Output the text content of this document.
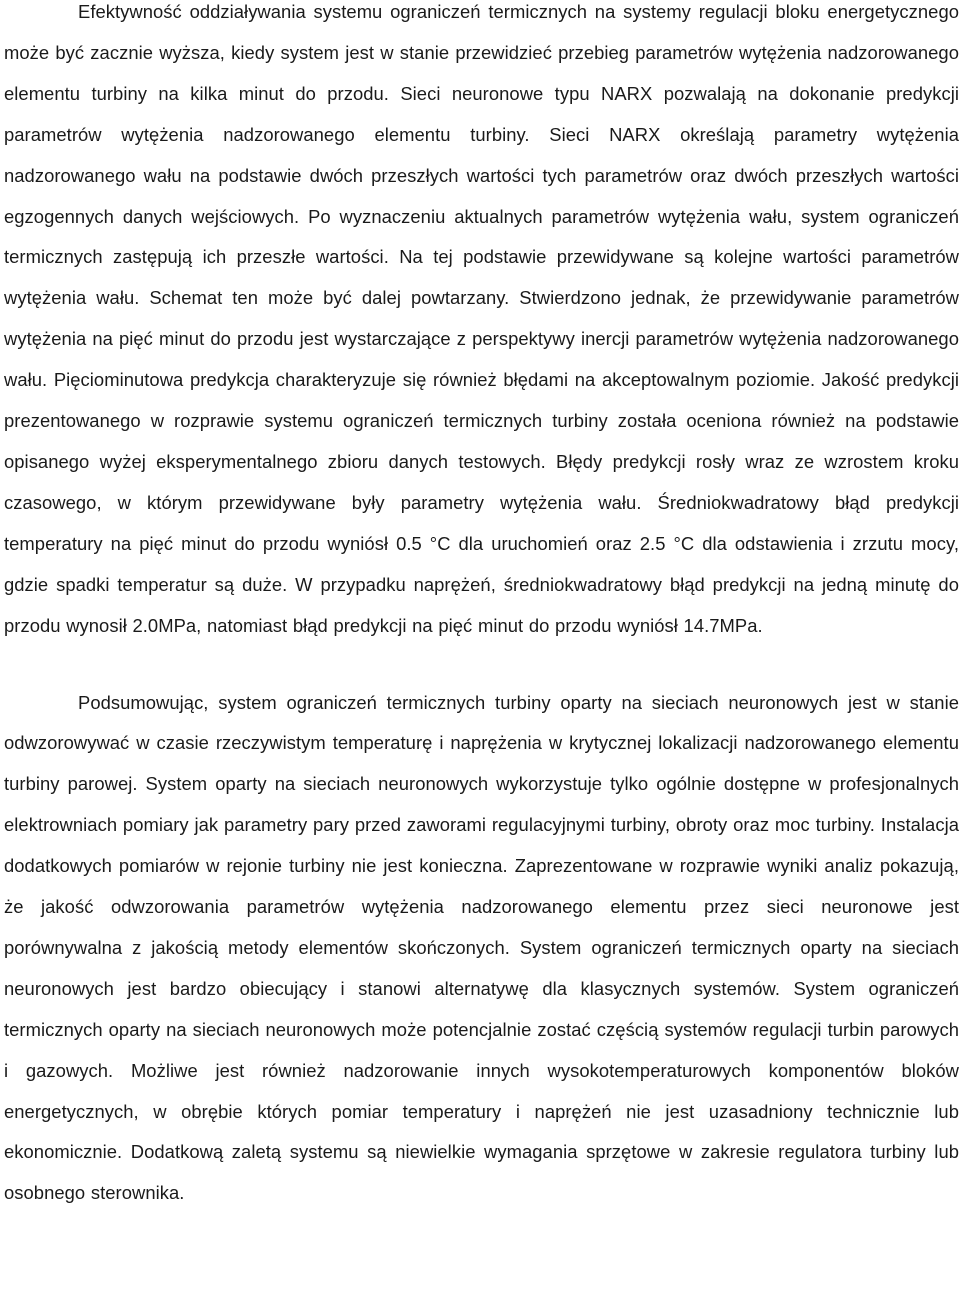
Efektywność oddziaływania systemu ograniczeń termicznych na systemy regulacji bloku energetycznego może być zacznie wyższa, kiedy system jest w stanie przewidzieć przebieg parametrów wytężenia nadzorowanego elementu turbiny na kilka minut do przodu. Sieci neuronowe typu NARX pozwalają na dokonanie predykcji parametrów wytężenia nadzorowanego elementu turbiny. Sieci NARX określają parametry wytężenia nadzorowanego wału na podstawie dwóch przeszłych wartości tych parametrów oraz dwóch przeszłych wartości egzogennych danych wejściowych. Po wyznaczeniu aktualnych parametrów wytężenia wału, system ograniczeń termicznych zastępują ich przeszłe wartości. Na tej podstawie przewidywane są kolejne wartości parametrów wytężenia wału. Schemat ten może być dalej powtarzany. Stwierdzono jednak, że przewidywanie parametrów wytężenia na pięć minut do przodu jest wystarczające z perspektywy inercji parametrów wytężenia nadzorowanego wału. Pięciominutowa predykcja charakteryzuje się również błędami na akceptowalnym poziomie. Jakość predykcji prezentowanego w rozprawie systemu ograniczeń termicznych turbiny została oceniona również na podstawie opisanego wyżej eksperymentalnego zbioru danych testowych. Błędy predykcji rosły wraz ze wzrostem kroku czasowego, w którym przewidywane były parametry wytężenia wału. Średniokwadratowy błąd predykcji temperatury na pięć minut do przodu wyniósł 0.5 °C dla uruchomień oraz 2.5 °C dla odstawienia i zrzutu mocy, gdzie spadki temperatur są duże. W przypadku naprężeń, średniokwadratowy błąd predykcji na jedną minutę do przodu wynosił 2.0MPa, natomiast błąd predykcji na pięć minut do przodu wyniósł 14.7MPa.

Podsumowując, system ograniczeń termicznych turbiny oparty na sieciach neuronowych jest w stanie odwzorowywać w czasie rzeczywistym temperaturę i naprężenia w krytycznej lokalizacji nadzorowanego elementu turbiny parowej. System oparty na sieciach neuronowych wykorzystuje tylko ogólnie dostępne w profesjonalnych elektrowniach pomiary jak parametry pary przed zaworami regulacyjnymi turbiny, obroty oraz moc turbiny. Instalacja dodatkowych pomiarów w rejonie turbiny nie jest konieczna. Zaprezentowane w rozprawie wyniki analiz pokazują, że jakość odwzorowania parametrów wytężenia nadzorowanego elementu przez sieci neuronowe jest porównywalna z jakością metody elementów skończonych. System ograniczeń termicznych oparty na sieciach neuronowych jest bardzo obiecujący i stanowi alternatywę dla klasycznych systemów. System ograniczeń termicznych oparty na sieciach neuronowych może potencjalnie zostać częścią systemów regulacji turbin parowych i gazowych. Możliwe jest również nadzorowanie innych wysokotemperaturowych komponentów bloków energetycznych, w obrębie których pomiar temperatury i naprężeń nie jest uzasadniony technicznie lub ekonomicznie. Dodatkową zaletą systemu są niewielkie wymagania sprzętowe w zakresie regulatora turbiny lub osobnego sterownika.
